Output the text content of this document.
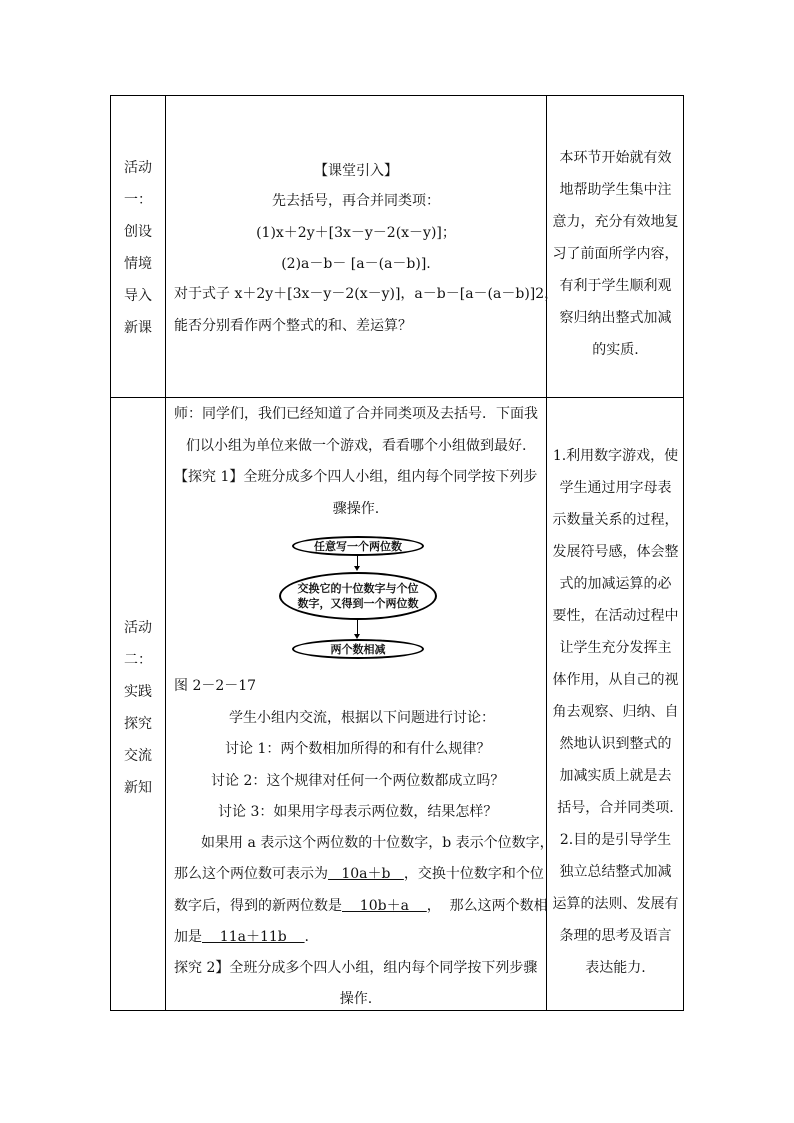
活动
一：
创设
情境
导入
新课
【课堂引入】
先去括号，再合并同类项：
(1)x＋2y＋[3x－y－2(x－y)]；
(2)a－b－ [a－(a－b)].
对于式子 x＋2y＋[3x－y－2(x－y)]，a－b－[a－(a－b)]2，
能否分别看作两个整式的和、差运算？
本环节开始就有效
地帮助学生集中注
意力，充分有效地复
习了前面所学内容，
有利于学生顺利观
察归纳出整式加减
的实质.
活动
二：
实践
探究
交流
新知
师：同学们，我们已经知道了合并同类项及去括号．下面我
们以小组为单位来做一个游戏，看看哪个小组做到最好.
【探究 1】全班分成多个四人小组，组内每个同学按下列步
骤操作.
任意写一个两位数
交换它的十位数字与个位
数字，又得到一个两位数
两个数相减
图 2－2－17
学生小组内交流，根据以下问题进行讨论：
讨论 1：两个数相加所得的和有什么规律？
讨论 2：这个规律对任何一个两位数都成立吗？
讨论 3：如果用字母表示两位数，结果怎样？
如果用 a 表示这个两位数的十位数字，b 表示个位数字，
那么这个两位数可表示为   10a＋b   ，交换十位数字和个位
数字后，得到的新两位数是    10b＋a    ，  那么这两个数相
加是    11a＋11b    .
探究 2】全班分成多个四人小组，组内每个同学按下列步骤
操作.
1.利用数字游戏，使
学生通过用字母表
示数量关系的过程，
发展符号感，体会整
式的加减运算的必
要性，在活动过程中
让学生充分发挥主
体作用，从自己的视
角去观察、归纳、自
然地认识到整式的
加减实质上就是去
括号，合并同类项.
2.目的是引导学生
独立总结整式加减
运算的法则、发展有
条理的思考及语言
表达能力.
